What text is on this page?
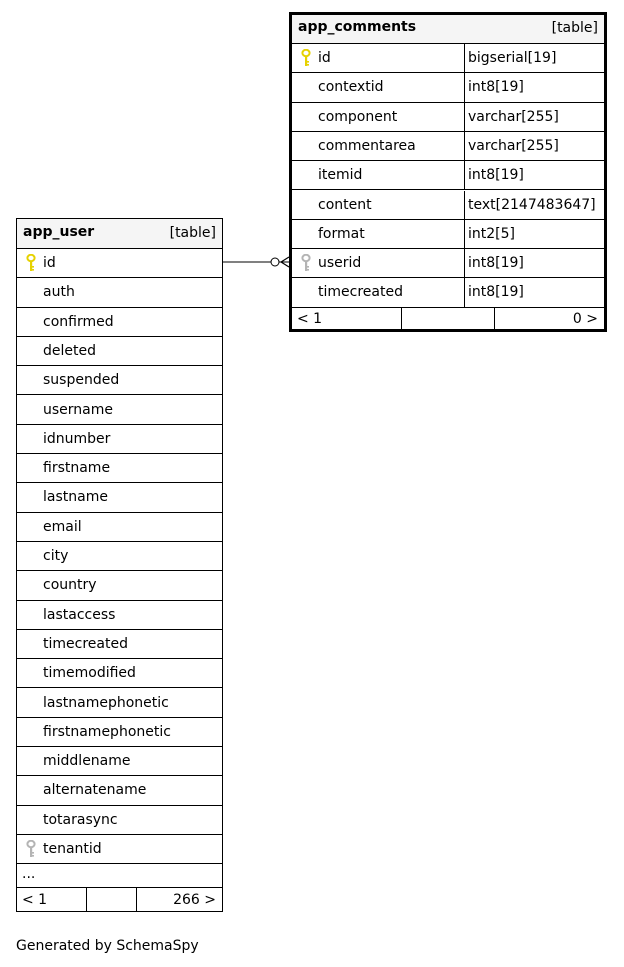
app_comments	[table]
id	bigserial[19]
contextid	int8[19]
component	varchar[255]
commentarea	varchar[255]
itemid	int8[19]
content	text[2147483647]
format	int2[5]
userid	int8[19]
timecreated	int8[19]
< 1	0 >
app_user	[table]
id
auth
confirmed
deleted
suspended
username
idnumber
firstname
lastname
email
city
country
lastaccess
timecreated
timemodified
lastnamephonetic
firstnamephonetic
middlename
alternatename
totarasync
tenantid
...
< 1	266 >
Generated by SchemaSpy
